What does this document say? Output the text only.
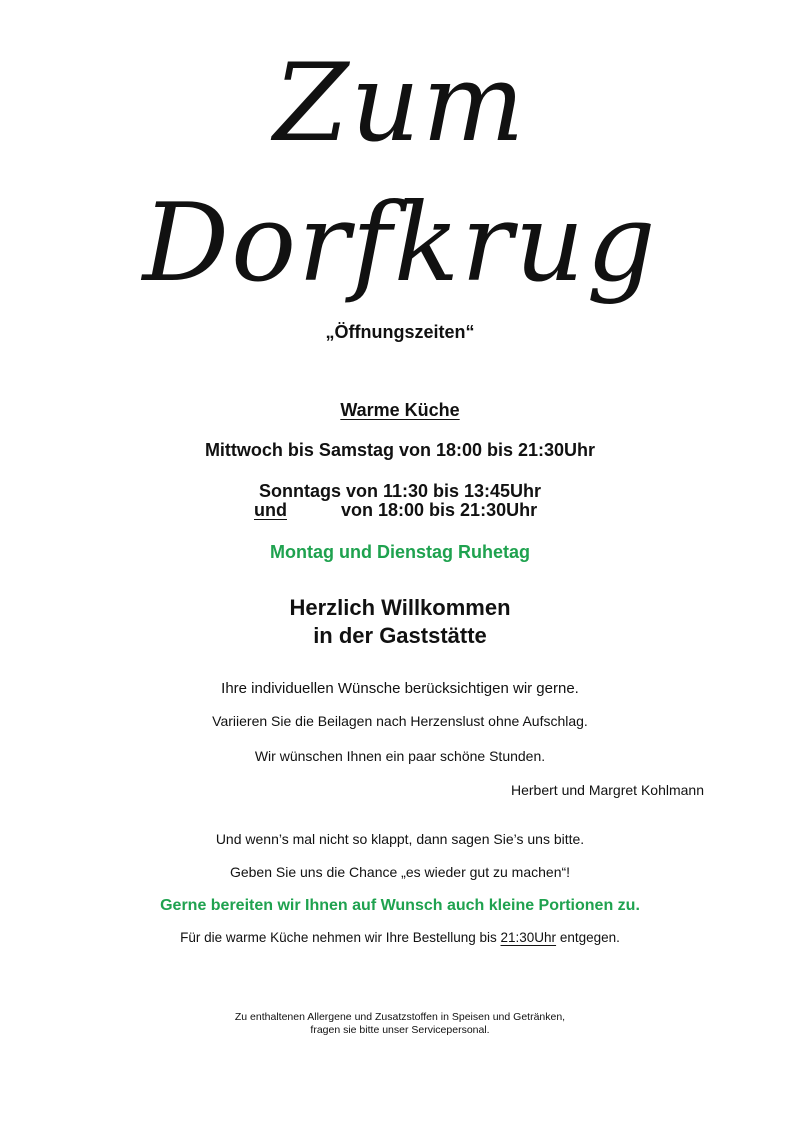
Zum
Dorfkrug
„Öffnungszeiten“
Warme Küche
Mittwoch bis Samstag von 18:00 bis 21:30Uhr
Sonntags von 11:30 bis 13:45Uhr
und	von 18:00 bis 21:30Uhr
Montag und Dienstag Ruhetag
Herzlich Willkommen
in der Gaststätte
Ihre individuellen Wünsche berücksichtigen wir gerne.
Variieren Sie die Beilagen nach Herzenslust ohne Aufschlag.
Wir wünschen Ihnen ein paar schöne Stunden.
Herbert und Margret Kohlmann
Und wenn’s mal nicht so klappt, dann sagen Sie’s uns bitte.
Geben Sie uns die Chance „es wieder gut zu machen“!
Gerne bereiten wir Ihnen auf Wunsch auch kleine Portionen zu.
Für die warme Küche nehmen wir Ihre Bestellung bis 21:30Uhr entgegen.
Zu enthaltenen Allergene und Zusatzstoffen in Speisen und Getränken,
fragen sie bitte unser Servicepersonal.
